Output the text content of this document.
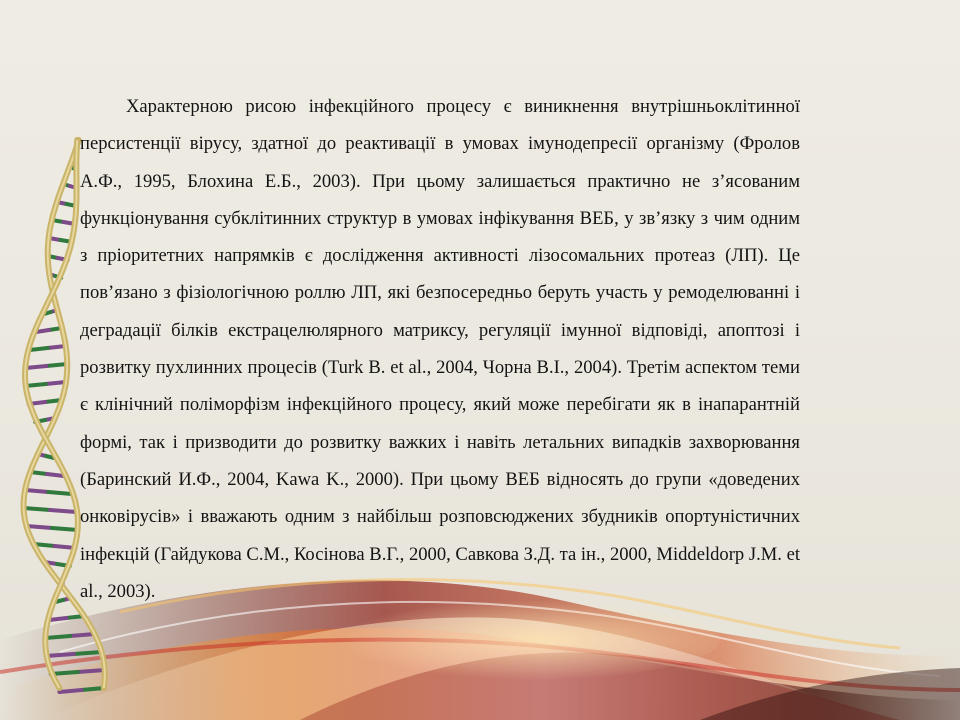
Характерною рисою інфекційного процесу є виникнення внутрішньоклітинної персистенції вірусу, здатної до реактивації в умовах імунодепресії організму (Фролов А.Ф., 1995, Блохина Е.Б., 2003). При цьому залишається практично не з’ясованим функціонування субклітинних структур в умовах інфікування ВЕБ, у зв’язку з чим одним з пріоритетних напрямків є дослідження активності лізосомальних протеаз (ЛП). Це пов’язано з фізіологічною роллю ЛП, які безпосередньо беруть участь у ремоделюванні і деградації білків екстрацелюлярного матриксу, регуляції імунної відповіді, апоптозі і розвитку пухлинних процесів (Turk B. et al., 2004, Чорна В.І., 2004). Третім аспектом теми є клінічний поліморфізм інфекційного процесу, який може перебігати як в інапарантній формі, так і призводити до розвитку важких і навіть летальних випадків захворювання (Баринский И.Ф., 2004, Kawa K., 2000). При цьому ВЕБ відносять до групи «доведених онковірусів» і вважають одним з найбільш розповсюджених збудників опортуністичних інфекцій (Гайдукова С.М., Косінова В.Г., 2000, Савкова З.Д. та ін., 2000, Middeldorp J.M. et al., 2003).
